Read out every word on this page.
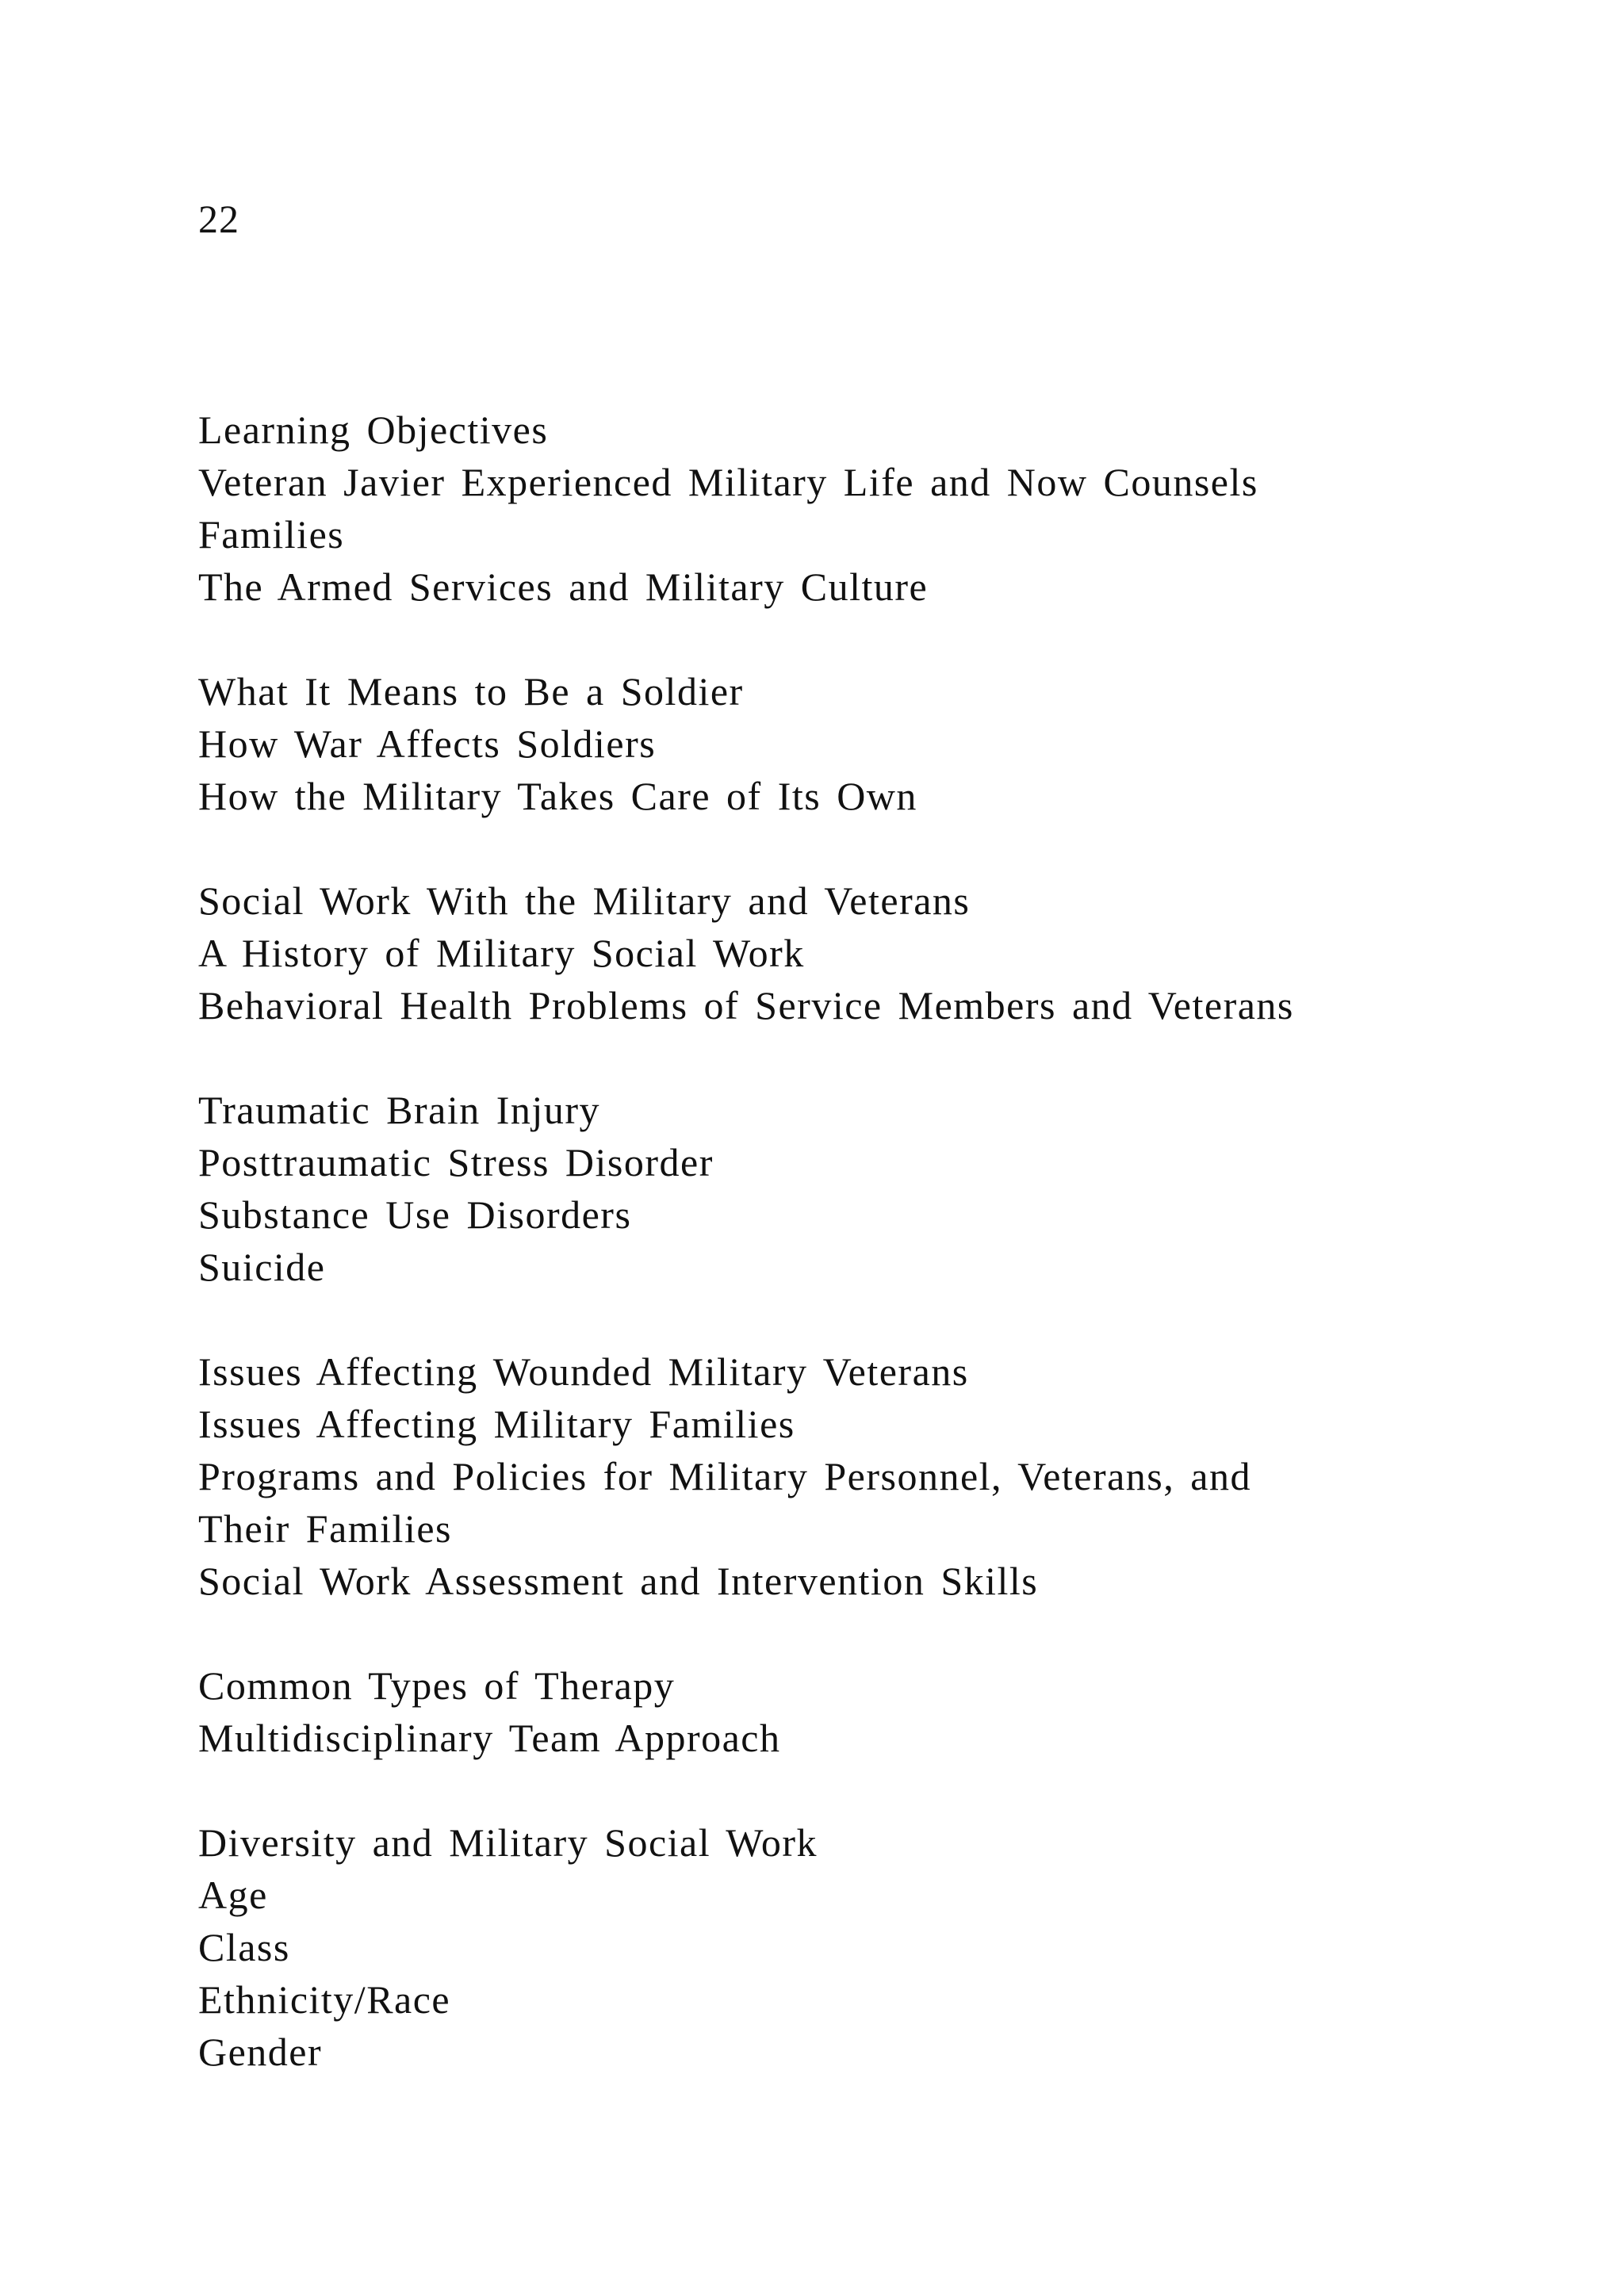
22
Learning Objectives
Veteran Javier Experienced Military Life and Now Counsels
Families
The Armed Services and Military Culture
What It Means to Be a Soldier
How War Affects Soldiers
How the Military Takes Care of Its Own
Social Work With the Military and Veterans
A History of Military Social Work
Behavioral Health Problems of Service Members and Veterans
Traumatic Brain Injury
Posttraumatic Stress Disorder
Substance Use Disorders
Suicide
Issues Affecting Wounded Military Veterans
Issues Affecting Military Families
Programs and Policies for Military Personnel, Veterans, and
Their Families
Social Work Assessment and Intervention Skills
Common Types of Therapy
Multidisciplinary Team Approach
Diversity and Military Social Work
Age
Class
Ethnicity/Race
Gender
